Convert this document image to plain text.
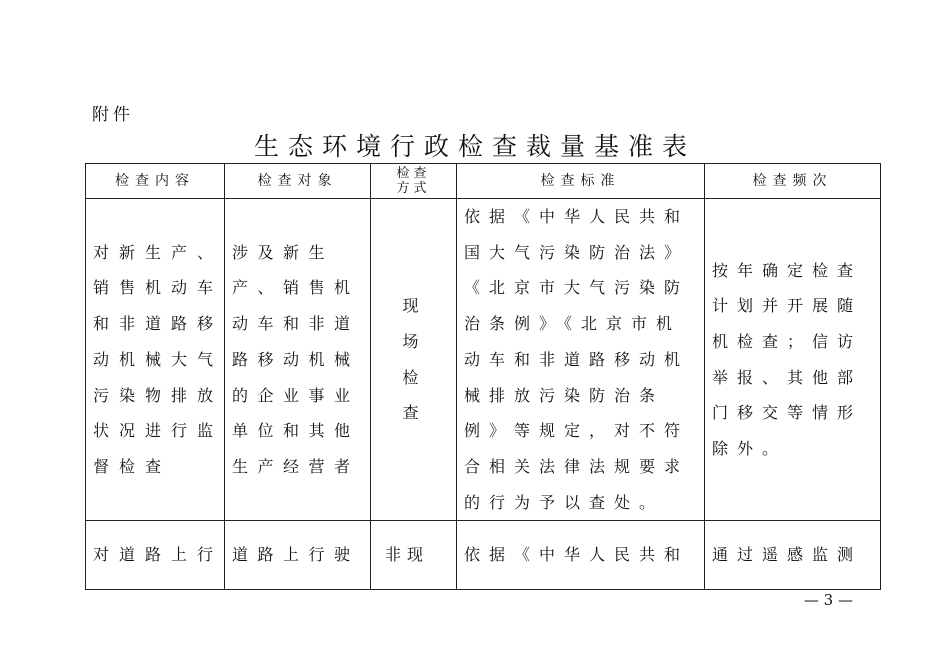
附件
生态环境行政检查裁量基准表
检查内容	检查对象	检查方式	检查标准	检查频次

对新生产、销售机动车和非道路移动机械大气污染物排放状况进行监督检查	涉及新生产、销售机动车和非道路移动机械的企业事业单位和其他生产经营者	现场检查	依据《中华人民共和国大气污染防治法》《北京市大气污染防治条例》《北京市机动车和非道路移动机械排放污染防治条例》等规定，对不符合相关法律法规要求的行为予以查处。	按年确定检查计划并开展随机检查；信访举报、其他部门移交等情形除外。

对道路上行	道路上行驶	非现	依据《中华人民共和	通过遥感监测
— 3 —
